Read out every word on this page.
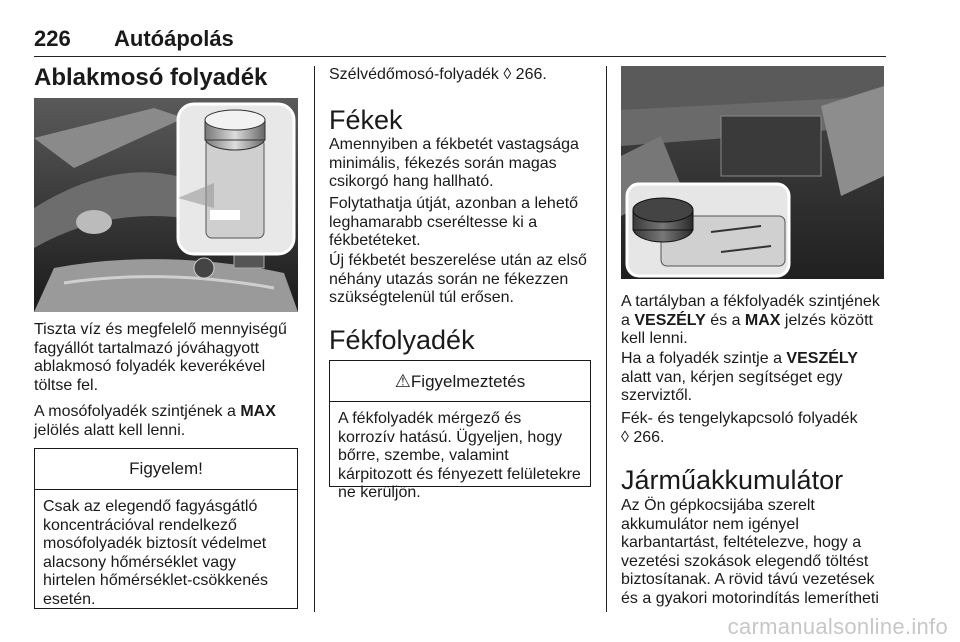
226 Autóápolás
Ablakmosó folyadék
Tiszta víz és megfelelő mennyiségű fagyállót tartalmazó jóváhagyott ablakmosó folyadék keverékével töltse fel.
A mosófolyadék szintjének a MAX jelölés alatt kell lenni.
Figyelem!
Csak az elegendő fagyásgátló koncentrációval rendelkező mosófolyadék biztosít védelmet alacsony hőmérséklet vagy hirtelen hőmérséklet-csökkenés esetén.
Szélvédőmosó-folyadék ◊ 266.
Fékek
Amennyiben a fékbetét vastagsága minimális, fékezés során magas csikorgó hang hallható.
Folytathatja útját, azonban a lehető leghamarabb cseréltesse ki a fékbetéteket.
Új fékbetét beszerelése után az első néhány utazás során ne fékezzen szükségtelenül túl erősen.
Fékfolyadék
⚠Figyelmeztetés
A fékfolyadék mérgező és korrozív hatású. Ügyeljen, hogy bőrre, szembe, valamint kárpitozott és fényezett felületekre ne kerüljön.
A tartályban a fékfolyadék szintjének a VESZÉLY és a MAX jelzés között kell lenni.
Ha a folyadék szintje a VESZÉLY alatt van, kérjen segítséget egy szerviztől.
Fék- és tengelykapcsoló folyadék
◊ 266.
Járműakkumulátor
Az Ön gépkocsijába szerelt akkumulátor nem igényel karbantartást, feltételezve, hogy a vezetési szokások elegendő töltést biztosítanak. A rövid távú vezetések és a gyakori motorindítás lemerítheti
carmanualsonline.info
